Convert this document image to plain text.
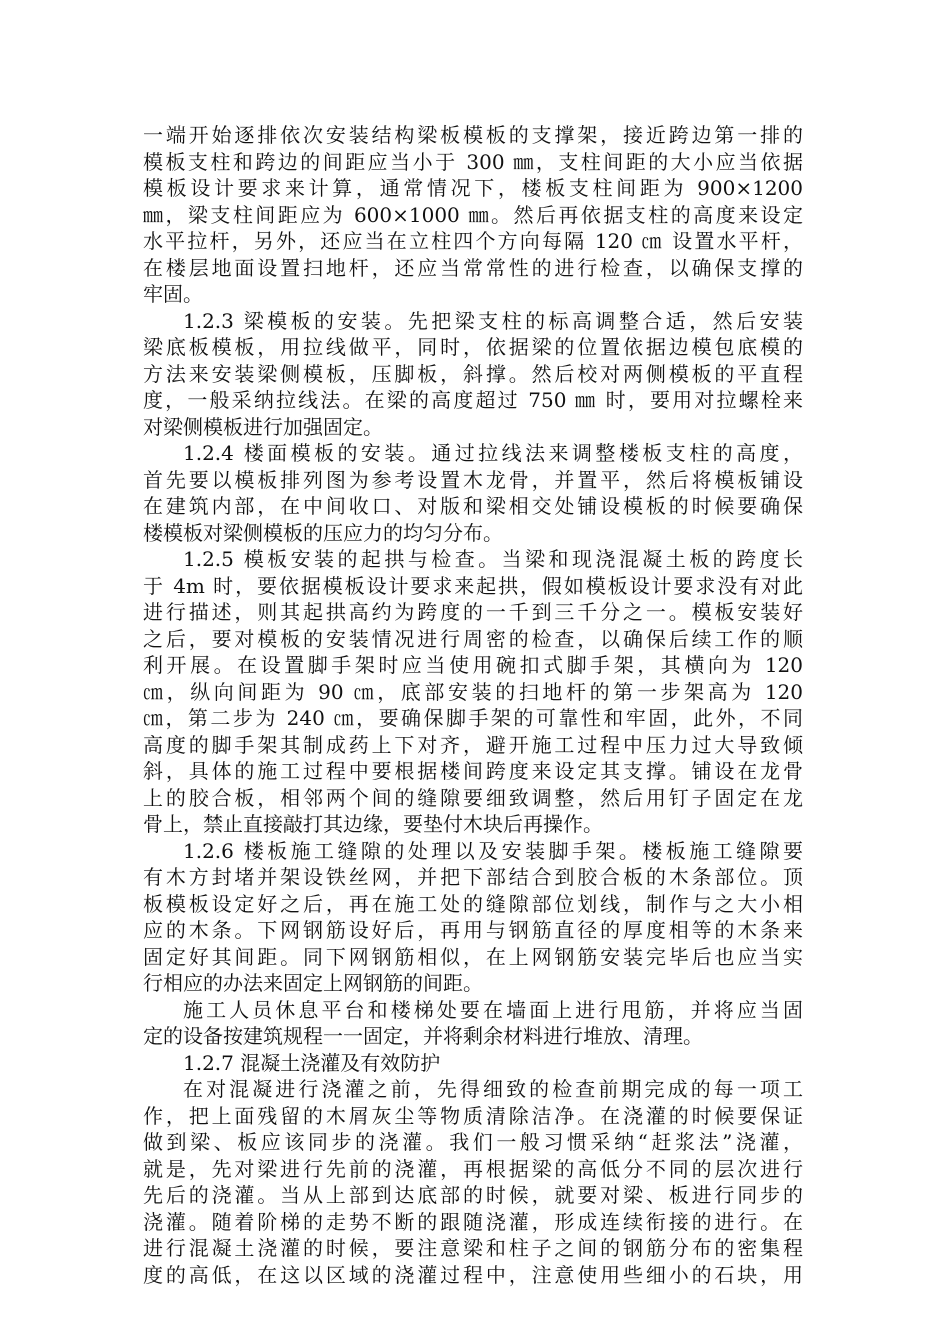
一端开始逐排依次安装结构梁板模板的支撑架，接近跨边第一排的
模板支柱和跨边的间距应当小于 300 ㎜，支柱间距的大小应当依据
模板设计要求来计算，通常情况下，楼板支柱间距为 900×1200
㎜，梁支柱间距应为 600×1000 ㎜。然后再依据支柱的高度来设定
水平拉杆，另外，还应当在立柱四个方向每隔 120 ㎝ 设置水平杆，
在楼层地面设置扫地杆，还应当常常性的进行检查，以确保支撑的
牢固。
1.2.3 梁模板的安装。先把梁支柱的标高调整合适，然后安装
梁底板模板，用拉线做平，同时，依据梁的位置依据边模包底模的
方法来安装梁侧模板，压脚板，斜撑。然后校对两侧模板的平直程
度，一般采纳拉线法。在梁的高度超过 750 ㎜ 时，要用对拉螺栓来
对梁侧模板进行加强固定。
1.2.4 楼面模板的安装。通过拉线法来调整楼板支柱的高度，
首先要以模板排列图为参考设置木龙骨，并置平，然后将模板铺设
在建筑内部，在中间收口、对版和梁相交处铺设模板的时候要确保
楼模板对梁侧模板的压应力的均匀分布。
1.2.5 模板安装的起拱与检查。当梁和现浇混凝土板的跨度长
于 4m 时，要依据模板设计要求来起拱，假如模板设计要求没有对此
进行描述，则其起拱高约为跨度的一千到三千分之一。模板安装好
之后，要对模板的安装情况进行周密的检查，以确保后续工作的顺
利开展。在设置脚手架时应当使用碗扣式脚手架，其横向为 120
㎝，纵向间距为 90 ㎝，底部安装的扫地杆的第一步架高为 120
㎝，第二步为 240 ㎝，要确保脚手架的可靠性和牢固，此外，不同
高度的脚手架其制成药上下对齐，避开施工过程中压力过大导致倾
斜，具体的施工过程中要根据楼间跨度来设定其支撑。铺设在龙骨
上的胶合板，相邻两个间的缝隙要细致调整，然后用钉子固定在龙
骨上，禁止直接敲打其边缘，要垫付木块后再操作。
1.2.6 楼板施工缝隙的处理以及安装脚手架。楼板施工缝隙要
有木方封堵并架设铁丝网，并把下部结合到胶合板的木条部位。顶
板模板设定好之后，再在施工处的缝隙部位划线，制作与之大小相
应的木条。下网钢筋设好后，再用与钢筋直径的厚度相等的木条来
固定好其间距。同下网钢筋相似，在上网钢筋安装完毕后也应当实
行相应的办法来固定上网钢筋的间距。
施工人员休息平台和楼梯处要在墙面上进行甩筋，并将应当固
定的设备按建筑规程一一固定，并将剩余材料进行堆放、清理。
1.2.7 混凝土浇灌及有效防护
在对混凝进行浇灌之前，先得细致的检查前期完成的每一项工
作，把上面残留的木屑灰尘等物质清除洁净。在浇灌的时候要保证
做到梁、板应该同步的浇灌。我们一般习惯采纳“赶浆法”浇灌，
就是，先对梁进行先前的浇灌，再根据梁的高低分不同的层次进行
先后的浇灌。当从上部到达底部的时候，就要对梁、板进行同步的
浇灌。随着阶梯的走势不断的跟随浇灌，形成连续衔接的进行。在
进行混凝土浇灌的时候，要注意梁和柱子之间的钢筋分布的密集程
度的高低，在这以区域的浇灌过程中，注意使用些细小的石块，用
